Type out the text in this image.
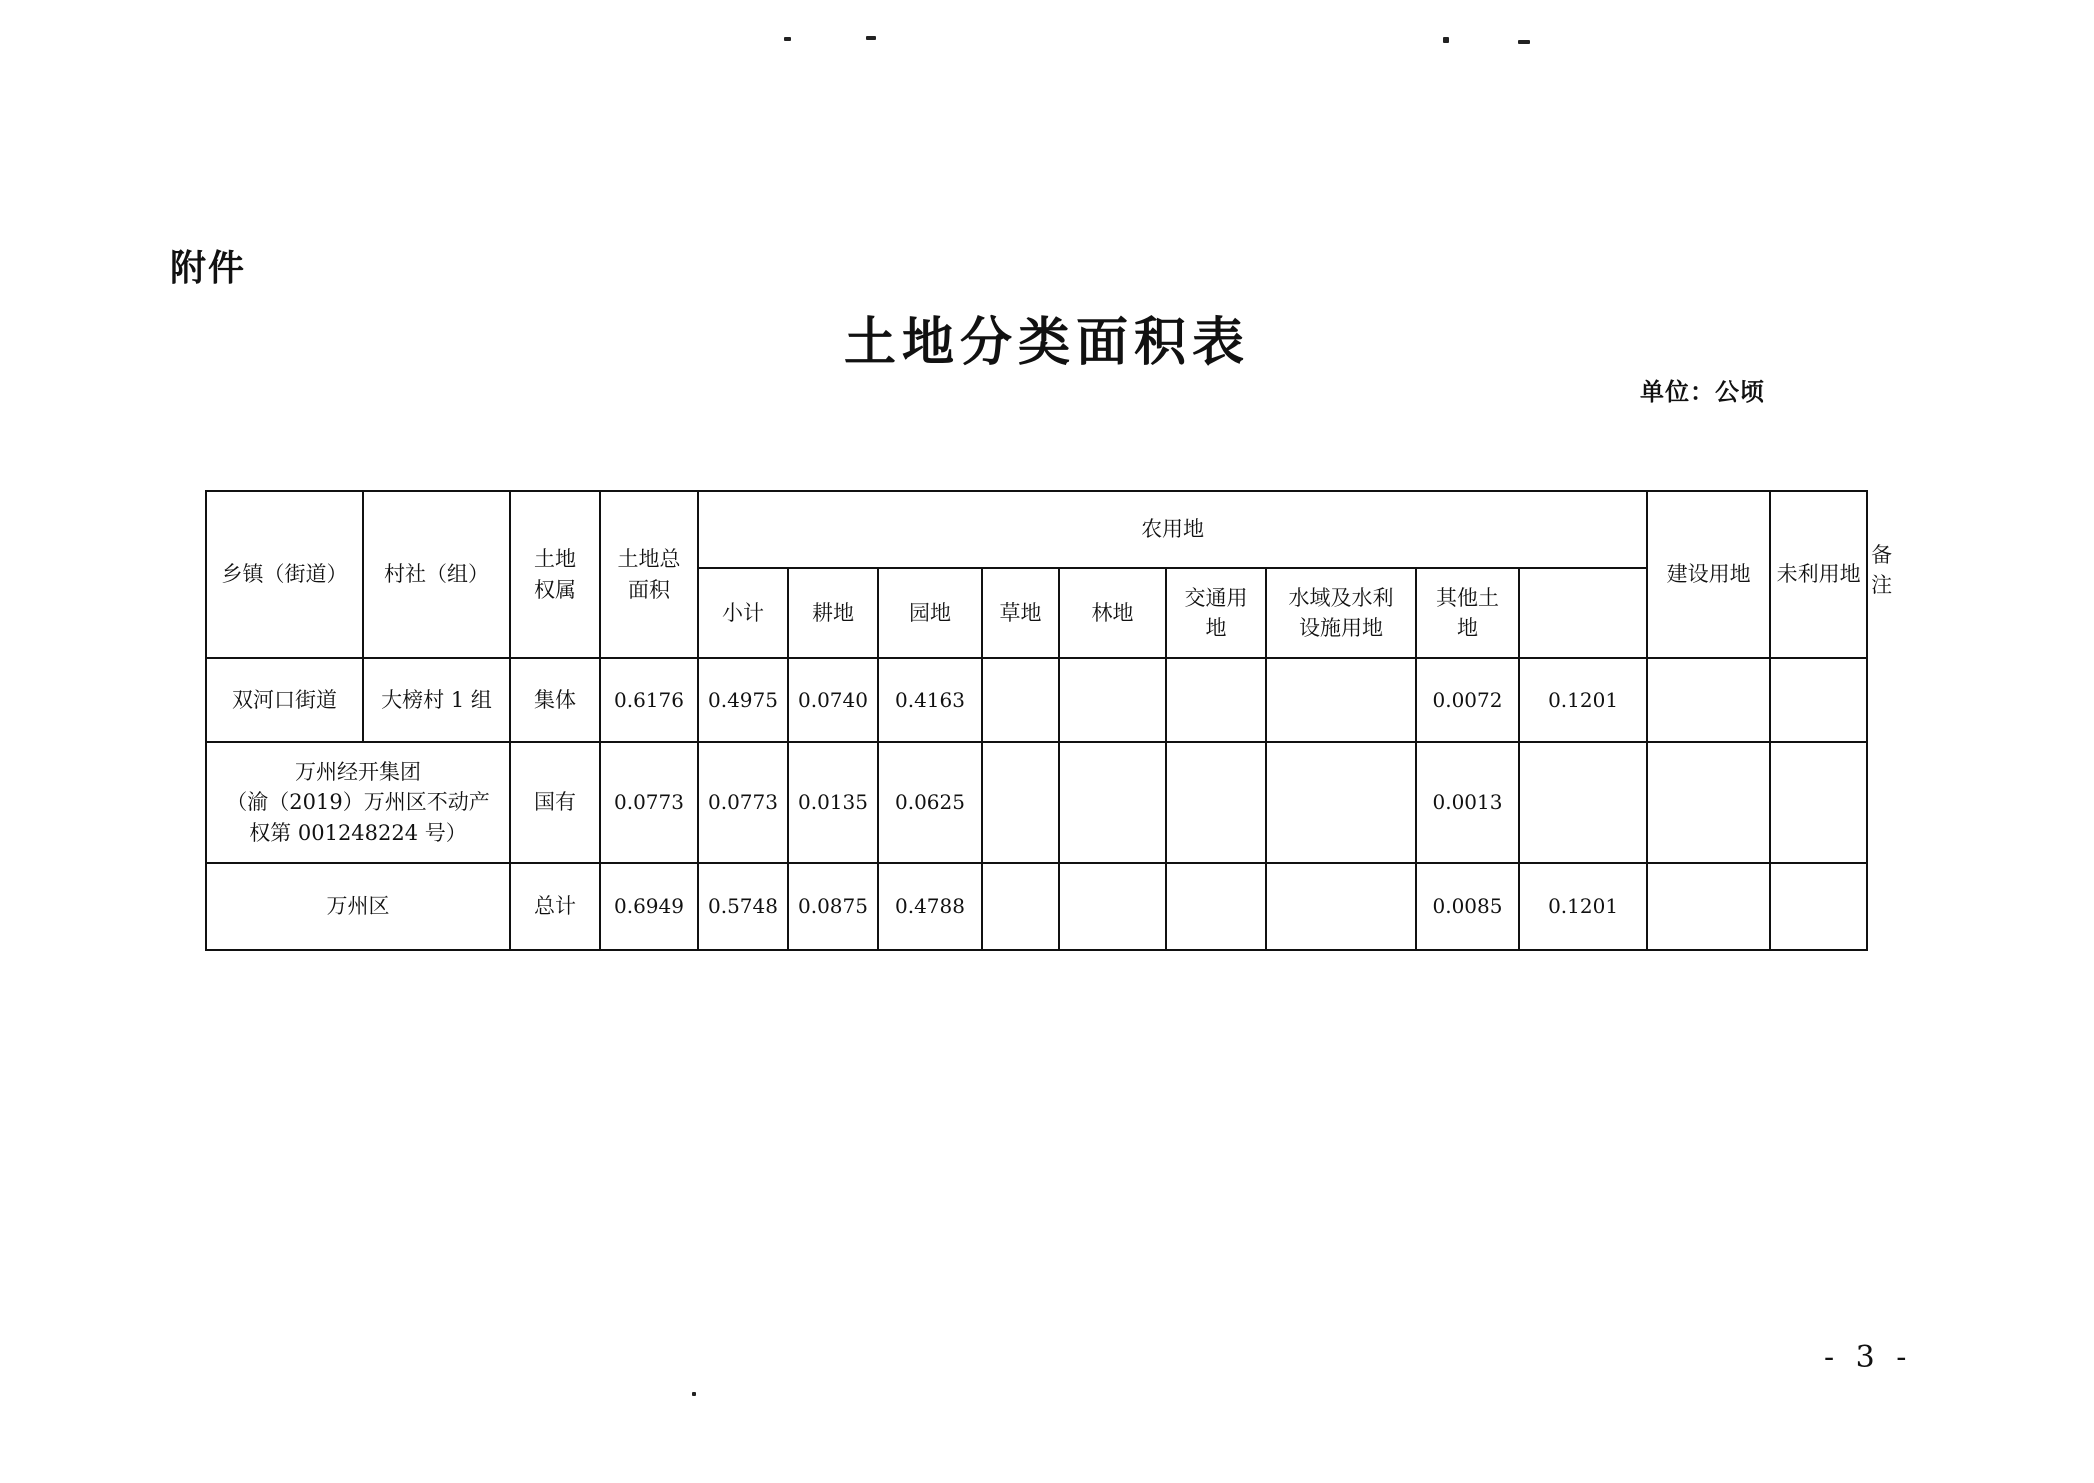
附件
土地分类面积表
单位：公顷
乡镇（街道）	村社（组）	土地权属	土地总面积	农用地									建设用地	未利用地	备注
				小计	耕地	园地	草地	林地	交通用地	水域及水利设施用地	其他土地				
双河口街道	大榜村 1 组	集体	0.6176	0.4975	0.0740	0.4163					0.0072	0.1201			

万州经开集团
（渝（2019）万州区不动产
权第 001248224 号）		国有	0.0773	0.0773	0.0135	0.0625					0.0013				
万州区		总计	0.6949	0.5748	0.0875	0.4788					0.0085	0.1201			
- 3 -
